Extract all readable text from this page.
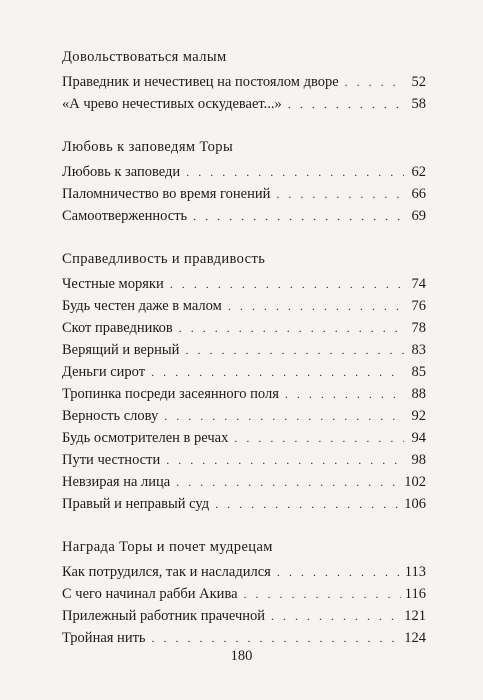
Довольствоваться малым
Праведник и нечестивец на постоялом дворе . . .	52
«А чрево нечестивых оскудевает...» . . .	58
Любовь к заповедям Торы
Любовь к заповеди . . .	62
Паломничество во время гонений . . .	66
Самоотверженность . . .	69
Справедливость и правдивость
Честные моряки . . .	74
Будь честен даже в малом . . .	76
Скот праведников . . .	78
Верящий и верный . . .	83
Деньги сирот . . .	85
Тропинка посреди засеянного поля . . .	88
Верность слову . . .	92
Будь осмотрителен в речах . . .	94
Пути честности . . .	98
Невзирая на лица . . .	102
Правый и неправый суд . . .	106
Награда Торы и почет мудрецам
Как потрудился, так и насладился . . .	113
С чего начинал рабби Акива . . .	116
Прилежный работник прачечной . . .	121
Тройная нить . . .	124
180
